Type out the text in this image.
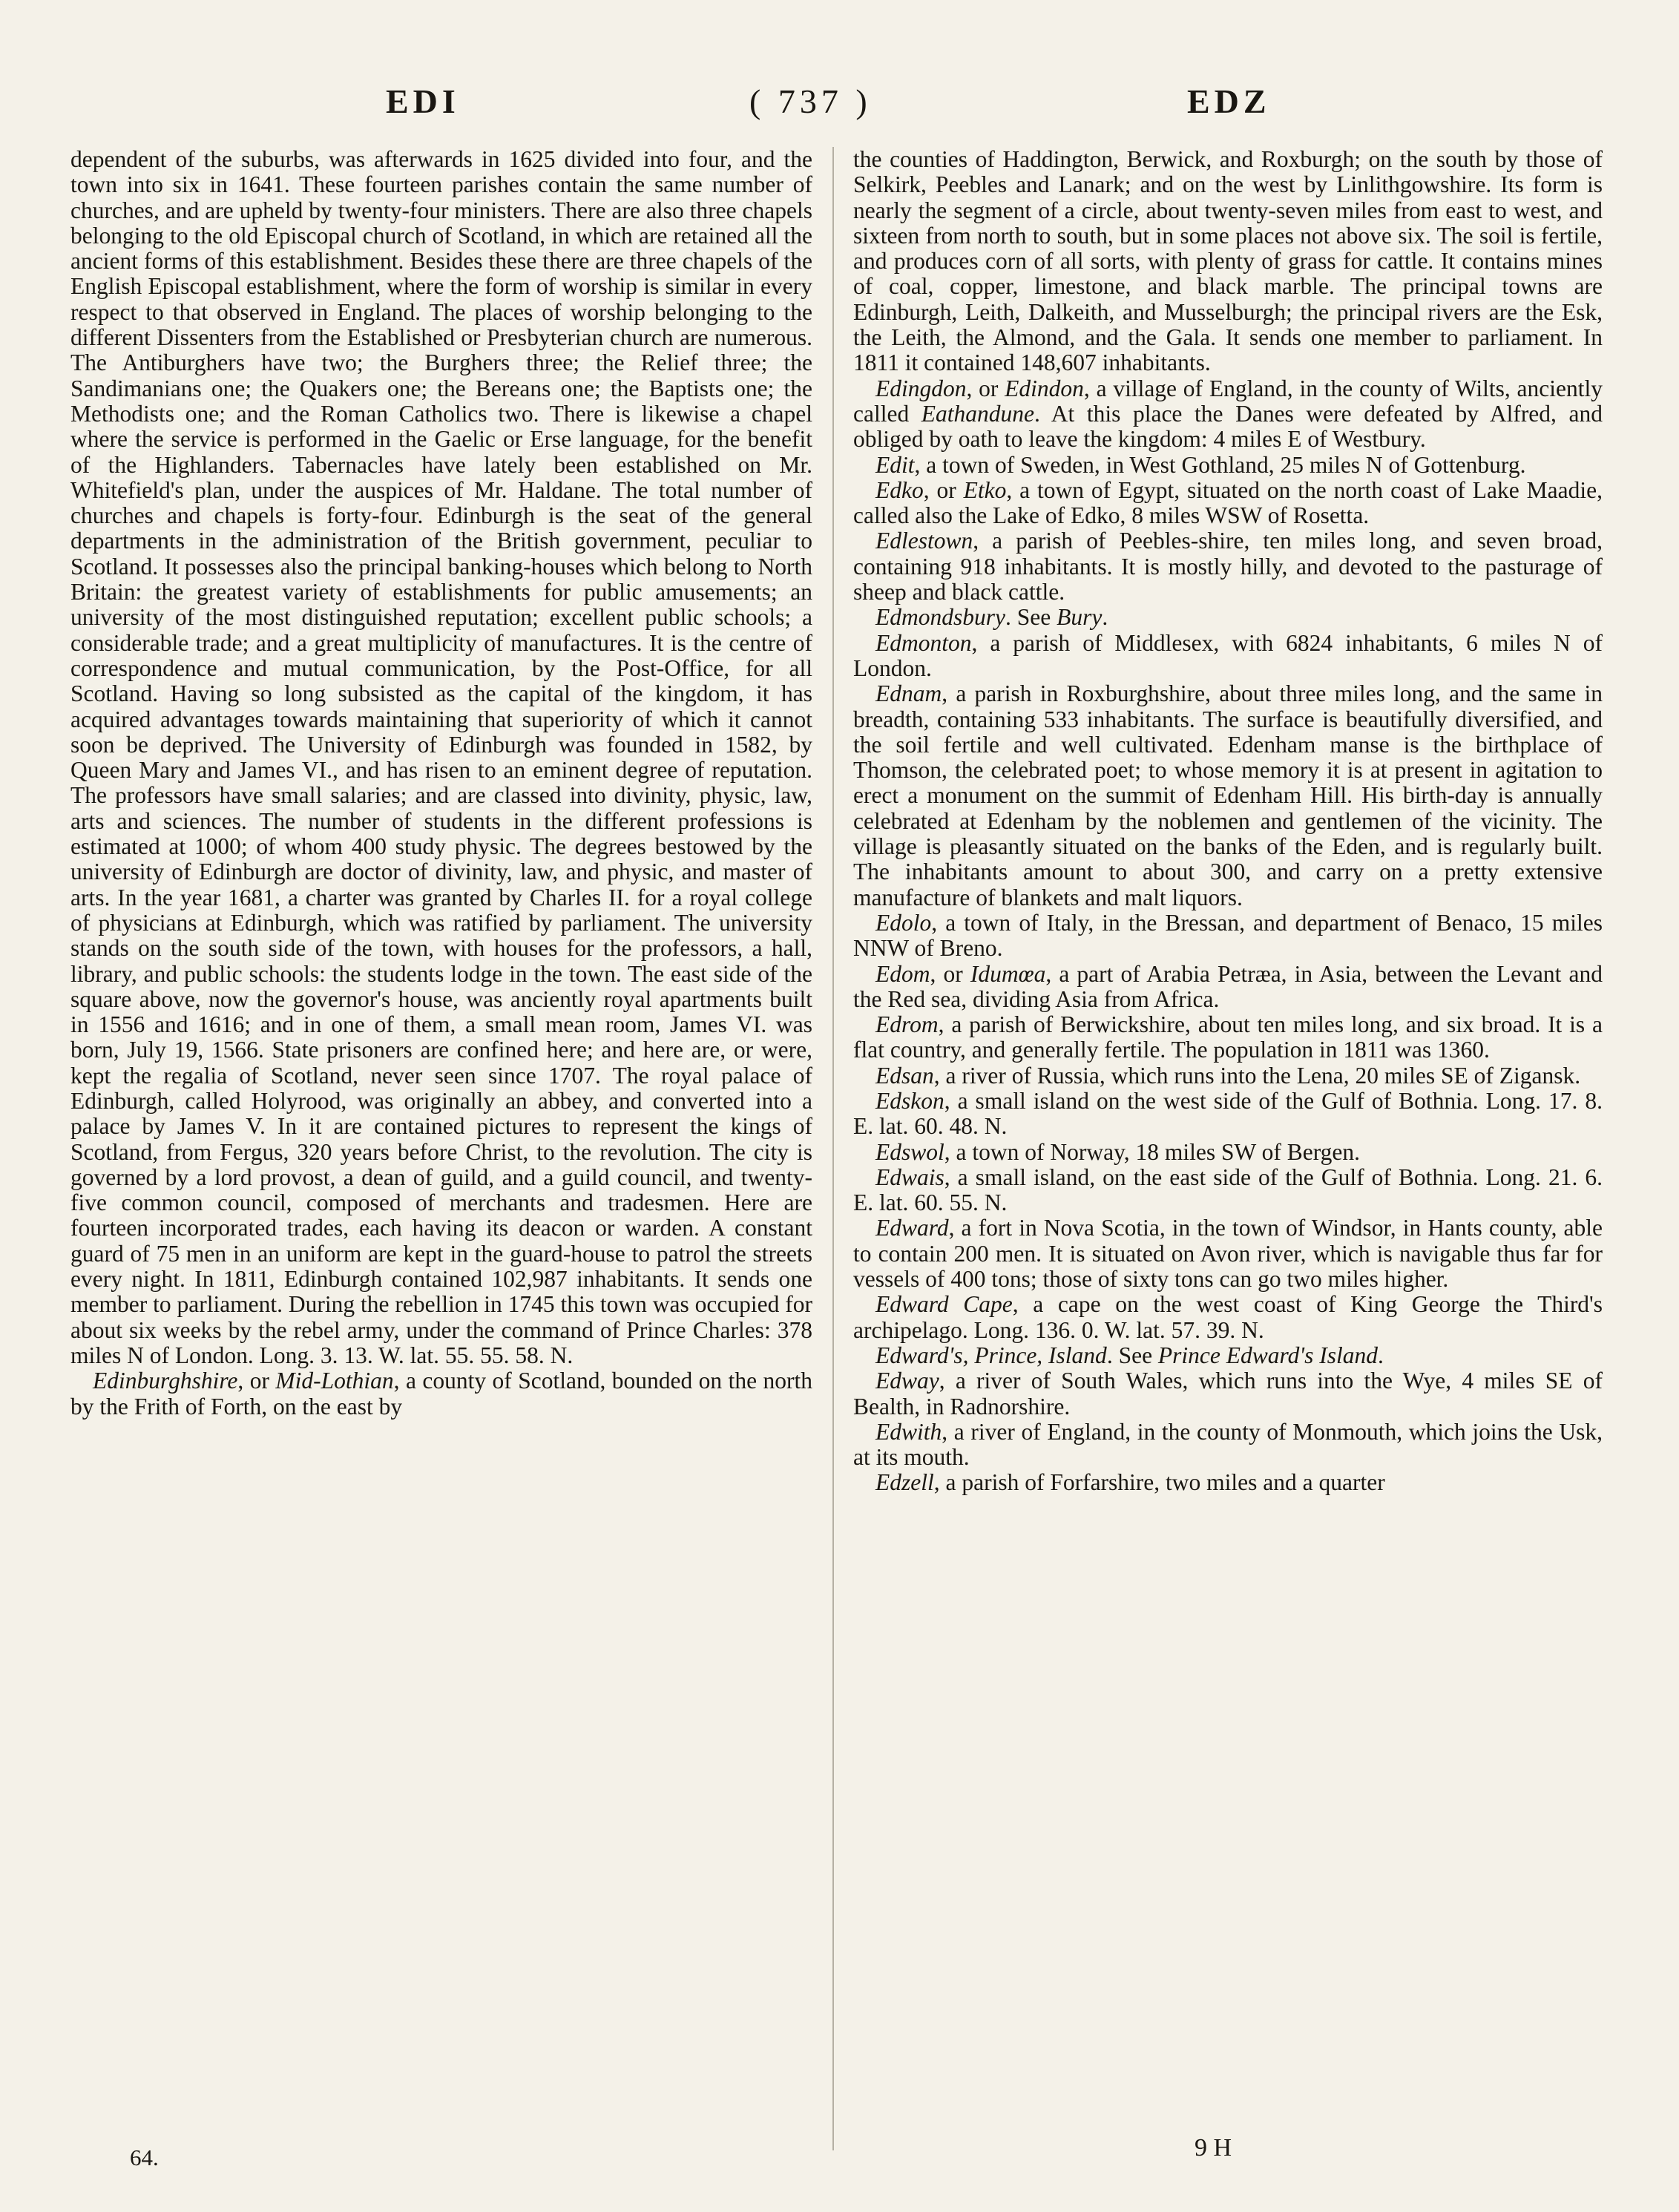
EDI	( 737 )	EDZ

dependent of the suburbs, was afterwards in 1625 divided into four, and the town into six in 1641. These fourteen parishes contain the same number of churches, and are upheld by twenty-four ministers. There are also three chapels belonging to the old Episcopal church of Scotland, in which are retained all the ancient forms of this establishment. Besides these there are three chapels of the English Episcopal establishment, where the form of worship is similar in every respect to that observed in England. The places of worship belonging to the different Dissenters from the Established or Presbyterian church are numerous. The Antiburghers have two; the Burghers three; the Relief three; the Sandimanians one; the Quakers one; the Bereans one; the Baptists one; the Methodists one; and the Roman Catholics two. There is likewise a chapel where the service is performed in the Gaelic or Erse language, for the benefit of the Highlanders. Tabernacles have lately been established on Mr. Whitefield's plan, under the auspices of Mr. Haldane. The total number of churches and chapels is forty-four. Edinburgh is the seat of the general departments in the administration of the British government, peculiar to Scotland. It possesses also the principal banking-houses which belong to North Britain: the greatest variety of establishments for public amusements; an university of the most distinguished reputation; excellent public schools; a considerable trade; and a great multiplicity of manufactures. It is the centre of correspondence and mutual communication, by the Post-Office, for all Scotland. Having so long subsisted as the capital of the kingdom, it has acquired advantages towards maintaining that superiority of which it cannot soon be deprived. The University of Edinburgh was founded in 1582, by Queen Mary and James VI., and has risen to an eminent degree of reputation. The professors have small salaries; and are classed into divinity, physic, law, arts and sciences. The number of students in the different professions is estimated at 1000; of whom 400 study physic. The degrees bestowed by the university of Edinburgh are doctor of divinity, law, and physic, and master of arts. In the year 1681, a charter was granted by Charles II. for a royal college of physicians at Edinburgh, which was ratified by parliament. The university stands on the south side of the town, with houses for the professors, a hall, library, and public schools: the students lodge in the town. The east side of the square above, now the governor's house, was anciently royal apartments built in 1556 and 1616; and in one of them, a small mean room, James VI. was born, July 19, 1566. State prisoners are confined here; and here are, or were, kept the regalia of Scotland, never seen since 1707. The royal palace of Edinburgh, called Holyrood, was originally an abbey, and converted into a palace by James V. In it are contained pictures to represent the kings of Scotland, from Fergus, 320 years before Christ, to the revolution. The city is governed by a lord provost, a dean of guild, and a guild council, and twenty-five common council, composed of merchants and tradesmen. Here are fourteen incorporated trades, each having its deacon or warden. A constant guard of 75 men in an uniform are kept in the guard-house to patrol the streets every night. In 1811, Edinburgh contained 102,987 inhabitants. It sends one member to parliament. During the rebellion in 1745 this town was occupied for about six weeks by the rebel army, under the command of Prince Charles: 378 miles N of London. Long. 3. 13. W. lat. 55. 55. 58. N.

Edinburghshire, or Mid-Lothian, a county of Scotland, bounded on the north by the Frith of Forth, on the east by

the counties of Haddington, Berwick, and Roxburgh; on the south by those of Selkirk, Peebles and Lanark; and on the west by Linlithgowshire. Its form is nearly the segment of a circle, about twenty-seven miles from east to west, and sixteen from north to south, but in some places not above six. The soil is fertile, and produces corn of all sorts, with plenty of grass for cattle. It contains mines of coal, copper, limestone, and black marble. The principal towns are Edinburgh, Leith, Dalkeith, and Musselburgh; the principal rivers are the Esk, the Leith, the Almond, and the Gala. It sends one member to parliament. In 1811 it contained 148,607 inhabitants.

Edingdon, or Edindon, a village of England, in the county of Wilts, anciently called Eathandune. At this place the Danes were defeated by Alfred, and obliged by oath to leave the kingdom: 4 miles E of Westbury.

Edit, a town of Sweden, in West Gothland, 25 miles N of Gottenburg.

Edko, or Etko, a town of Egypt, situated on the north coast of Lake Maadie, called also the Lake of Edko, 8 miles WSW of Rosetta.

Edlestown, a parish of Peebles-shire, ten miles long, and seven broad, containing 918 inhabitants. It is mostly hilly, and devoted to the pasturage of sheep and black cattle.

Edmondsbury. See Bury.

Edmonton, a parish of Middlesex, with 6824 inhabitants, 6 miles N of London.

Ednam, a parish in Roxburghshire, about three miles long, and the same in breadth, containing 533 inhabitants. The surface is beautifully diversified, and the soil fertile and well cultivated. Edenham manse is the birthplace of Thomson, the celebrated poet; to whose memory it is at present in agitation to erect a monument on the summit of Edenham Hill. His birth-day is annually celebrated at Edenham by the noblemen and gentlemen of the vicinity. The village is pleasantly situated on the banks of the Eden, and is regularly built. The inhabitants amount to about 300, and carry on a pretty extensive manufacture of blankets and malt liquors.

Edolo, a town of Italy, in the Bressan, and department of Benaco, 15 miles NNW of Breno.

Edom, or Idumœa, a part of Arabia Petræa, in Asia, between the Levant and the Red sea, dividing Asia from Africa.

Edrom, a parish of Berwickshire, about ten miles long, and six broad. It is a flat country, and generally fertile. The population in 1811 was 1360.

Edsan, a river of Russia, which runs into the Lena, 20 miles SE of Zigansk.

Edskon, a small island on the west side of the Gulf of Bothnia. Long. 17. 8. E. lat. 60. 48. N.

Edswol, a town of Norway, 18 miles SW of Bergen.

Edwais, a small island, on the east side of the Gulf of Bothnia. Long. 21. 6. E. lat. 60. 55. N.

Edward, a fort in Nova Scotia, in the town of Windsor, in Hants county, able to contain 200 men. It is situated on Avon river, which is navigable thus far for vessels of 400 tons; those of sixty tons can go two miles higher.

Edward Cape, a cape on the west coast of King George the Third's archipelago. Long. 136. 0. W. lat. 57. 39. N.

Edward's, Prince, Island. See Prince Edward's Island.

Edway, a river of South Wales, which runs into the Wye, 4 miles SE of Bealth, in Radnorshire.

Edwith, a river of England, in the county of Monmouth, which joins the Usk, at its mouth.

Edzell, a parish of Forfarshire, two miles and a quarter

64.	9 H
